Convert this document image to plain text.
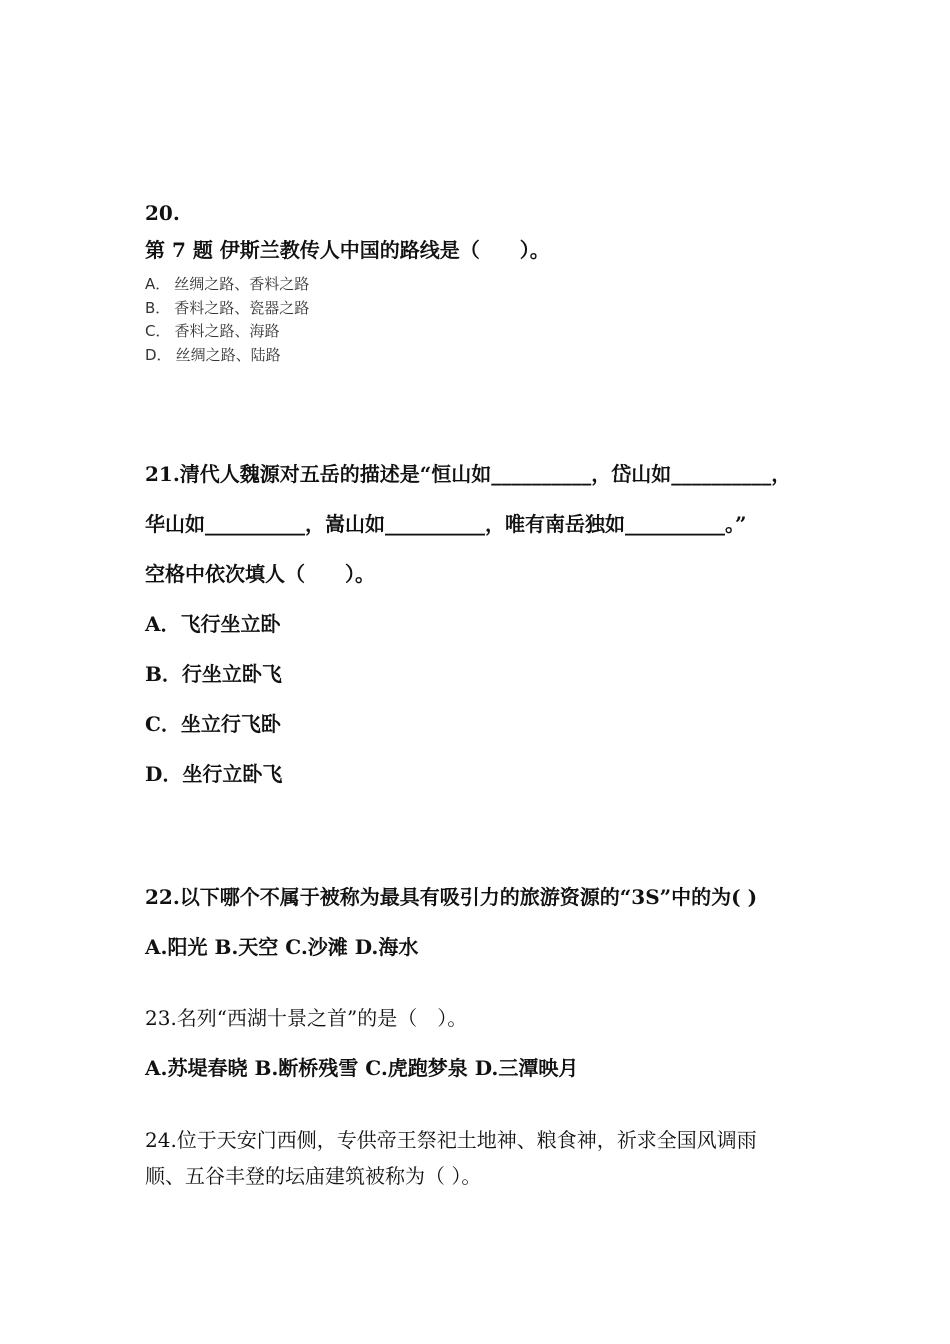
20.
第 7 题 伊斯兰教传人中国的路线是（　　）。
A． 丝绸之路、香料之路
B． 香料之路、瓷器之路
C． 香料之路、海路
D． 丝绸之路、陆路
21.清代人魏源对五岳的描述是“恒山如__________，岱山如__________，
华山如__________，嵩山如__________，唯有南岳独如__________。”
空格中依次填人（　　）。
A．飞行坐立卧
B．行坐立卧飞
C．坐立行飞卧
D．坐行立卧飞
22.以下哪个不属于被称为最具有吸引力的旅游资源的“3S”中的为( )
A.阳光 B.天空 C.沙滩 D.海水
23.名列“西湖十景之首”的是（　）。
A.苏堤春晓 B.断桥残雪 C.虎跑梦泉 D.三潭映月
24.位于天安门西侧，专供帝王祭祀土地神、粮食神，祈求全国风调雨
顺、五谷丰登的坛庙建筑被称为（ ）。
